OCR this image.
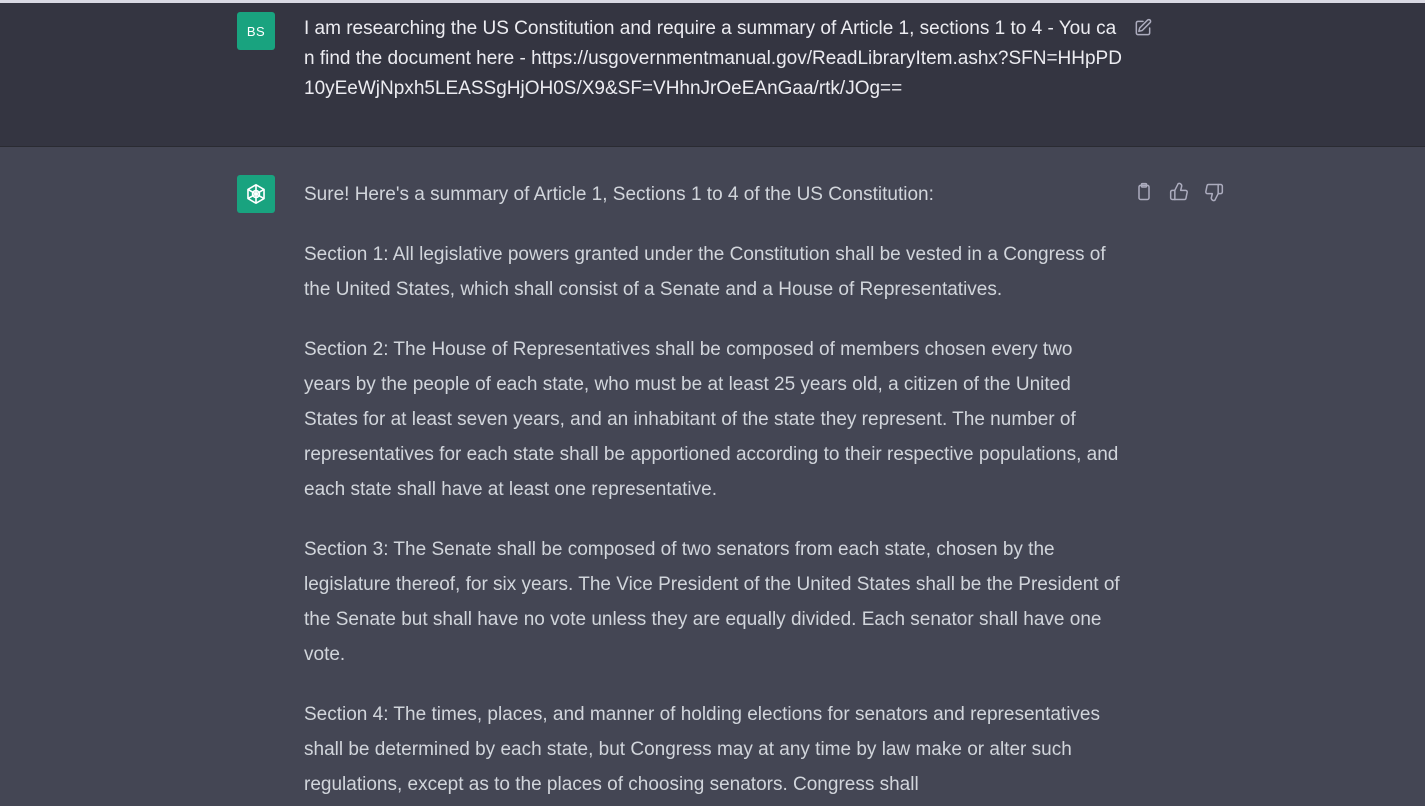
BS I am researching the US Constitution and require a summary of Article 1, sections 1 to 4 - You can find the document here - https://usgovernmentmanual.gov/ReadLibraryItem.ashx?SFN=HHpPD10yEeWjNpxh5LEASSgHjOH0S/X9&SF=VHhnJrOeEAnGaa/rtk/JOg==

Sure! Here's a summary of Article 1, Sections 1 to 4 of the US Constitution:

Section 1: All legislative powers granted under the Constitution shall be vested in a Congress of the United States, which shall consist of a Senate and a House of Representatives.

Section 2: The House of Representatives shall be composed of members chosen every two years by the people of each state, who must be at least 25 years old, a citizen of the United States for at least seven years, and an inhabitant of the state they represent. The number of representatives for each state shall be apportioned according to their respective populations, and each state shall have at least one representative.

Section 3: The Senate shall be composed of two senators from each state, chosen by the legislature thereof, for six years. The Vice President of the United States shall be the President of the Senate but shall have no vote unless they are equally divided. Each senator shall have one vote.

Section 4: The times, places, and manner of holding elections for senators and representatives shall be determined by each state, but Congress may at any time by law make or alter such regulations, except as to the places of choosing senators. Congress shall
